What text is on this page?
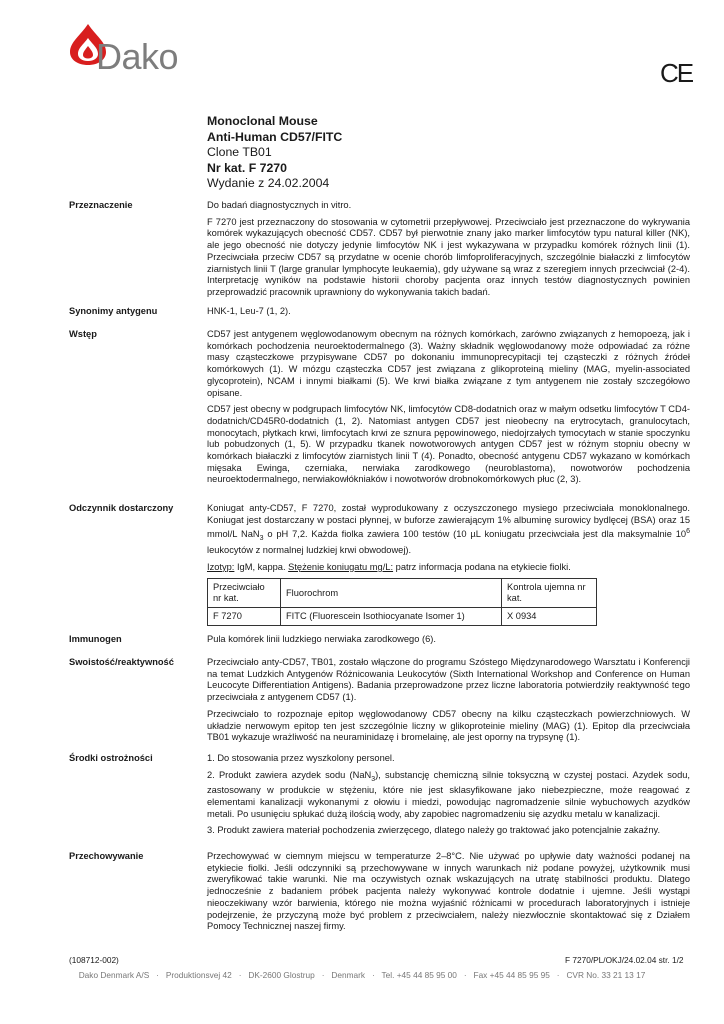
Dako	CE
Monoclonal Mouse
Anti-Human CD57/FITC
Clone TB01
Nr kat. F 7270
Wydanie z 24.02.2004
Przeznaczenie	Do badań diagnostycznych in vitro.

F 7270 jest przeznaczony do stosowania w cytometrii przepływowej. Przeciwciało jest przeznaczone do wykrywania komórek wykazujących obecność CD57. CD57 był pierwotnie znany jako marker limfocytów typu natural killer (NK), ale jego obecność nie dotyczy jedynie limfocytów NK i jest wykazywana w przypadku komórek różnych linii (1). Przeciwciała przeciw CD57 są przydatne w ocenie chorób limfoproliferacyjnych, szczególnie białaczki z limfocytów ziarnistych linii T (large granular lymphocyte leukaemia), gdy używane są wraz z szeregiem innych przeciwciał (2-4). Interpretację wyników na podstawie historii choroby pacjenta oraz innych testów diagnostycznych powinien przeprowadzić pracownik uprawniony do wykonywania takich badań.

Synonimy antygenu	HNK-1, Leu-7 (1, 2).

Wstęp	CD57 jest antygenem węglowodanowym obecnym na różnych komórkach, zarówno związanych z hemopoezą, jak i komórkach pochodzenia neuroektodermalnego (3). Ważny składnik węglowodanowy może odpowiadać za różne masy cząsteczkowe przypisywane CD57 po dokonaniu immunoprecypitacji tej cząsteczki z różnych źródeł komórkowych (1). W mózgu cząsteczka CD57 jest związana z glikoproteiną mieliny (MAG, myelin-associated glycoprotein), NCAM i innymi białkami (5). We krwi białka związane z tym antygenem nie zostały szczegółowo opisane.

CD57 jest obecny w podgrupach limfocytów NK, limfocytów CD8-dodatnich oraz w małym odsetku limfocytów T CD4-dodatnich/CD45R0-dodatnich (1, 2). Natomiast antygen CD57 jest nieobecny na erytrocytach, granulocytach, monocytach, płytkach krwi, limfocytach krwi ze sznura pępowinowego, niedojrzałych tymocytach w stanie spoczynku lub pobudzonych (1, 5). W przypadku tkanek nowotworowych antygen CD57 jest w różnym stopniu obecny w komórkach białaczki z limfocytów ziarnistych linii T (4). Ponadto, obecność antygenu CD57 wykazano w komórkach mięsaka Ewinga, czerniaka, nerwiaka zarodkowego (neuroblastoma), nowotworów pochodzenia neuroektodermalnego, nerwiakowłókniaków i nowotworów drobnokomórkowych płuc (2, 3).

Odczynnik dostarczony	Koniugat anty-CD57, F 7270, został wyprodukowany z oczyszczonego mysiego przeciwciała monoklonalnego. Koniugat jest dostarczany w postaci płynnej, w buforze zawierającym 1% albuminę surowicy bydlęcej (BSA) oraz 15 mmol/L NaN$_3$ o pH 7,2. Każda fiolka zawiera 100 testów (10 µL koniugatu przeciwciała jest dla maksymalnie $10^6$ leukocytów z normalnej ludzkiej krwi obwodowej).

Izotyp: IgM, kappa. Stężenie koniugatu mg/L: patrz informacja podana na etykiecie fiolki.

Przeciwciało nr kat.	Fluorochrom	Kontrola ujemna nr kat.
F 7270	FITC (Fluorescein Isothiocyanate Isomer 1)	X 0934
Immunogen	Pula komórek linii ludzkiego nerwiaka zarodkowego (6).

Swoistość/reaktywność	Przeciwciało anty-CD57, TB01, zostało włączone do programu Szóstego Międzynarodowego Warsztatu i Konferencji na temat Ludzkich Antygenów Różnicowania Leukocytów (Sixth International Workshop and Conference on Human Leucocyte Differentiation Antigens). Badania przeprowadzone przez liczne laboratoria potwierdziły reaktywność tego przeciwciała z antygenem CD57 (1).

Przeciwciało to rozpoznaje epitop węglowodanowy CD57 obecny na kilku cząsteczkach powierzchniowych. W układzie nerwowym epitop ten jest szczególnie liczny w glikoproteinie mieliny (MAG) (1). Epitop dla przeciwciała TB01 wykazuje wrażliwość na neuraminidazę i bromelainę, ale jest oporny na trypsynę (1).

Środki ostrożności	1. Do stosowania przez wyszkolony personel.

2. Produkt zawiera azydek sodu (NaN$_3$), substancję chemiczną silnie toksyczną w czystej postaci. Azydek sodu, zastosowany w produkcie w stężeniu, które nie jest sklasyfikowane jako niebezpieczne, może reagować z elementami kanalizacji wykonanymi z ołowiu i miedzi, powodując nagromadzenie silnie wybuchowych azydków metali. Po usunięciu spłukać dużą ilością wody, aby zapobiec nagromadzeniu się azydku metalu w kanalizacji.

3. Produkt zawiera materiał pochodzenia zwierzęcego, dlatego należy go traktować jako potencjalnie zakaźny.

Przechowywanie	Przechowywać w ciemnym miejscu w temperaturze 2–8°C. Nie używać po upływie daty ważności podanej na etykiecie fiolki. Jeśli odczynniki są przechowywane w innych warunkach niż podane powyżej, użytkownik musi zweryfikować takie warunki. Nie ma oczywistych oznak wskazujących na utratę stabilności produktu. Dlatego jednocześnie z badaniem próbek pacjenta należy wykonywać kontrole dodatnie i ujemne. Jeśli wystąpi nieoczekiwany wzór barwienia, którego nie można wyjaśnić różnicami w procedurach laboratoryjnych i istnieje podejrzenie, że przyczyną może być problem z przeciwciałem, należy niezwłocznie skontaktować się z Działem Pomocy Technicznej naszej firmy.

(108712-002)	F 7270/PL/OKJ/24.02.04 str. 1/2
Dako Denmark A/S   ·   Produktionsvej 42   ·   DK-2600 Glostrup   ·   Denmark   ·   Tel. +45 44 85 95 00   ·   Fax +45 44 85 95 95   ·   CVR No. 33 21 13 17
